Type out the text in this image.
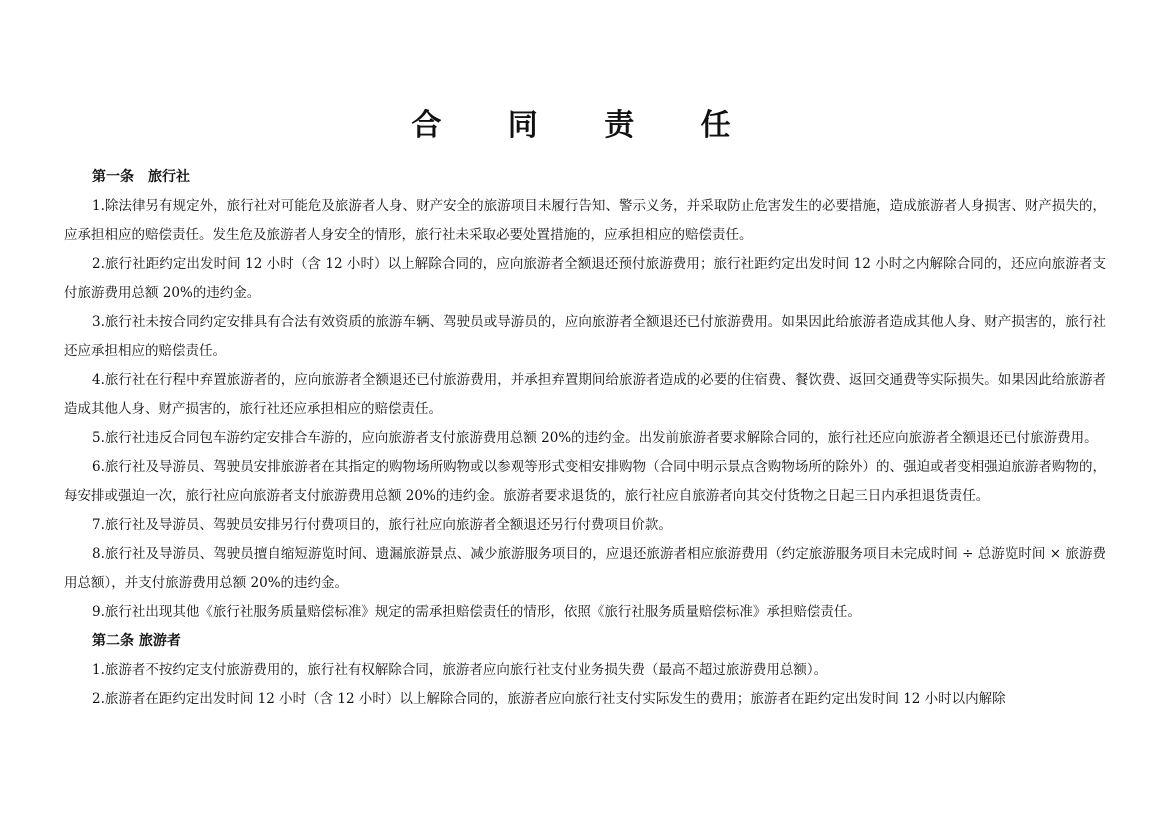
合 同 责 任

第一条　旅行社

1.除法律另有规定外，旅行社对可能危及旅游者人身、财产安全的旅游项目未履行告知、警示义务，并采取防止危害发生的必要措施，造成旅游者人身损害、财产损失的，应承担相应的赔偿责任。发生危及旅游者人身安全的情形，旅行社未采取必要处置措施的，应承担相应的赔偿责任。

2.旅行社距约定出发时间 12 小时（含 12 小时）以上解除合同的，应向旅游者全额退还预付旅游费用；旅行社距约定出发时间 12 小时之内解除合同的，还应向旅游者支付旅游费用总额 20%的违约金。

3.旅行社未按合同约定安排具有合法有效资质的旅游车辆、驾驶员或导游员的，应向旅游者全额退还已付旅游费用。如果因此给旅游者造成其他人身、财产损害的，旅行社还应承担相应的赔偿责任。

4.旅行社在行程中弃置旅游者的，应向旅游者全额退还已付旅游费用，并承担弃置期间给旅游者造成的必要的住宿费、餐饮费、返回交通费等实际损失。如果因此给旅游者造成其他人身、财产损害的，旅行社还应承担相应的赔偿责任。

5.旅行社违反合同包车游约定安排合车游的，应向旅游者支付旅游费用总额 20%的违约金。出发前旅游者要求解除合同的，旅行社还应向旅游者全额退还已付旅游费用。

6.旅行社及导游员、驾驶员安排旅游者在其指定的购物场所购物或以参观等形式变相安排购物（合同中明示景点含购物场所的除外）的、强迫或者变相强迫旅游者购物的，每安排或强迫一次，旅行社应向旅游者支付旅游费用总额 20%的违约金。旅游者要求退货的，旅行社应自旅游者向其交付货物之日起三日内承担退货责任。

7.旅行社及导游员、驾驶员安排另行付费项目的，旅行社应向旅游者全额退还另行付费项目价款。

8.旅行社及导游员、驾驶员擅自缩短游览时间、遗漏旅游景点、减少旅游服务项目的，应退还旅游者相应旅游费用（约定旅游服务项目未完成时间 ÷ 总游览时间 × 旅游费用总额），并支付旅游费用总额 20%的违约金。

9.旅行社出现其他《旅行社服务质量赔偿标准》规定的需承担赔偿责任的情形，依照《旅行社服务质量赔偿标准》承担赔偿责任。

第二条 旅游者

1.旅游者不按约定支付旅游费用的，旅行社有权解除合同，旅游者应向旅行社支付业务损失费（最高不超过旅游费用总额）。

2.旅游者在距约定出发时间 12 小时（含 12 小时）以上解除合同的，旅游者应向旅行社支付实际发生的费用；旅游者在距约定出发时间 12 小时以内解除
